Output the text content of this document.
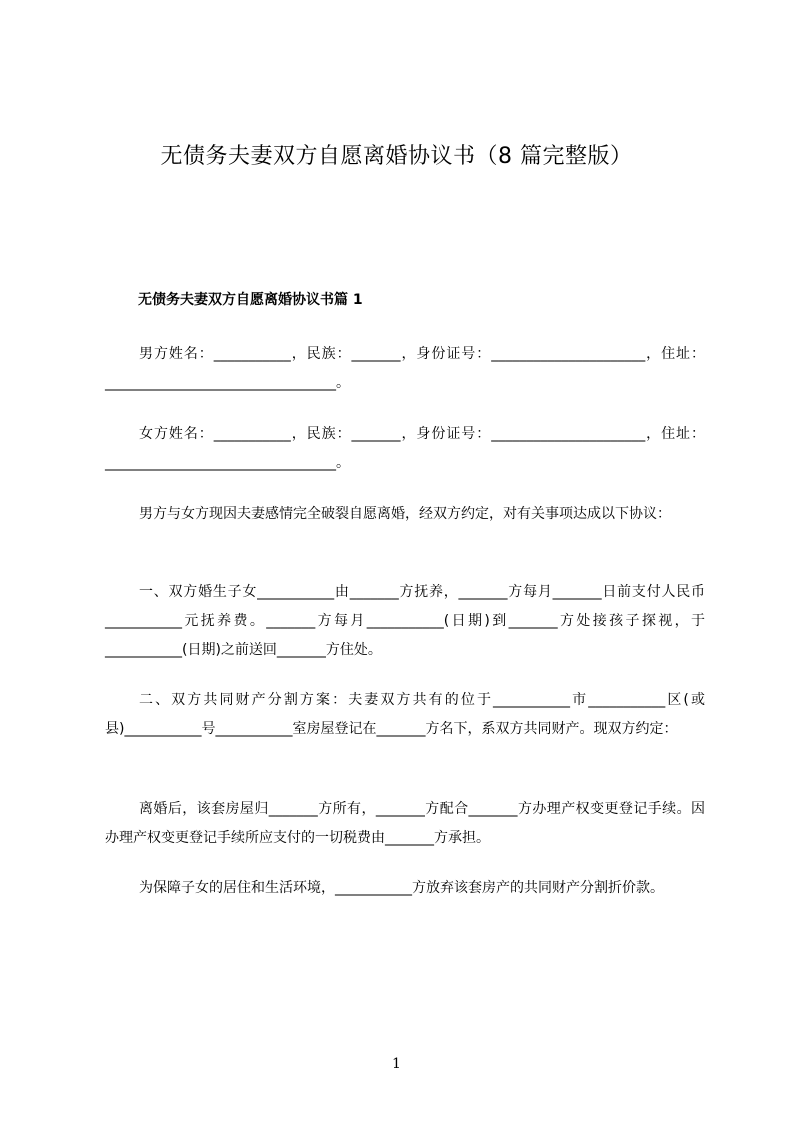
无债务夫妻双方自愿离婚协议书（8 篇完整版）
无债务夫妻双方自愿离婚协议书篇 1

男方姓名：___________，民族：_______，身份证号：______________________，住址：_________________________________。

女方姓名：___________，民族：_______，身份证号：______________________，住址：_________________________________。

男方与女方现因夫妻感情完全破裂自愿离婚，经双方约定，对有关事项达成以下协议：

一、双方婚生子女___________由_______方抚养，_______方每月_______日前支付人民币___________元抚养费。_______方每月___________(日期)到_______方处接孩子探视，于___________(日期)之前送回_______方住处。

二、双方共同财产分割方案：夫妻双方共有的位于___________市___________区(或县)___________号___________室房屋登记在_______方名下，系双方共同财产。现双方约定：

离婚后，该套房屋归_______方所有，_______方配合_______方办理产权变更登记手续。因办理产权变更登记手续所应支付的一切税费由_______方承担。

为保障子女的居住和生活环境，___________方放弃该套房产的共同财产分割折价款。

1
